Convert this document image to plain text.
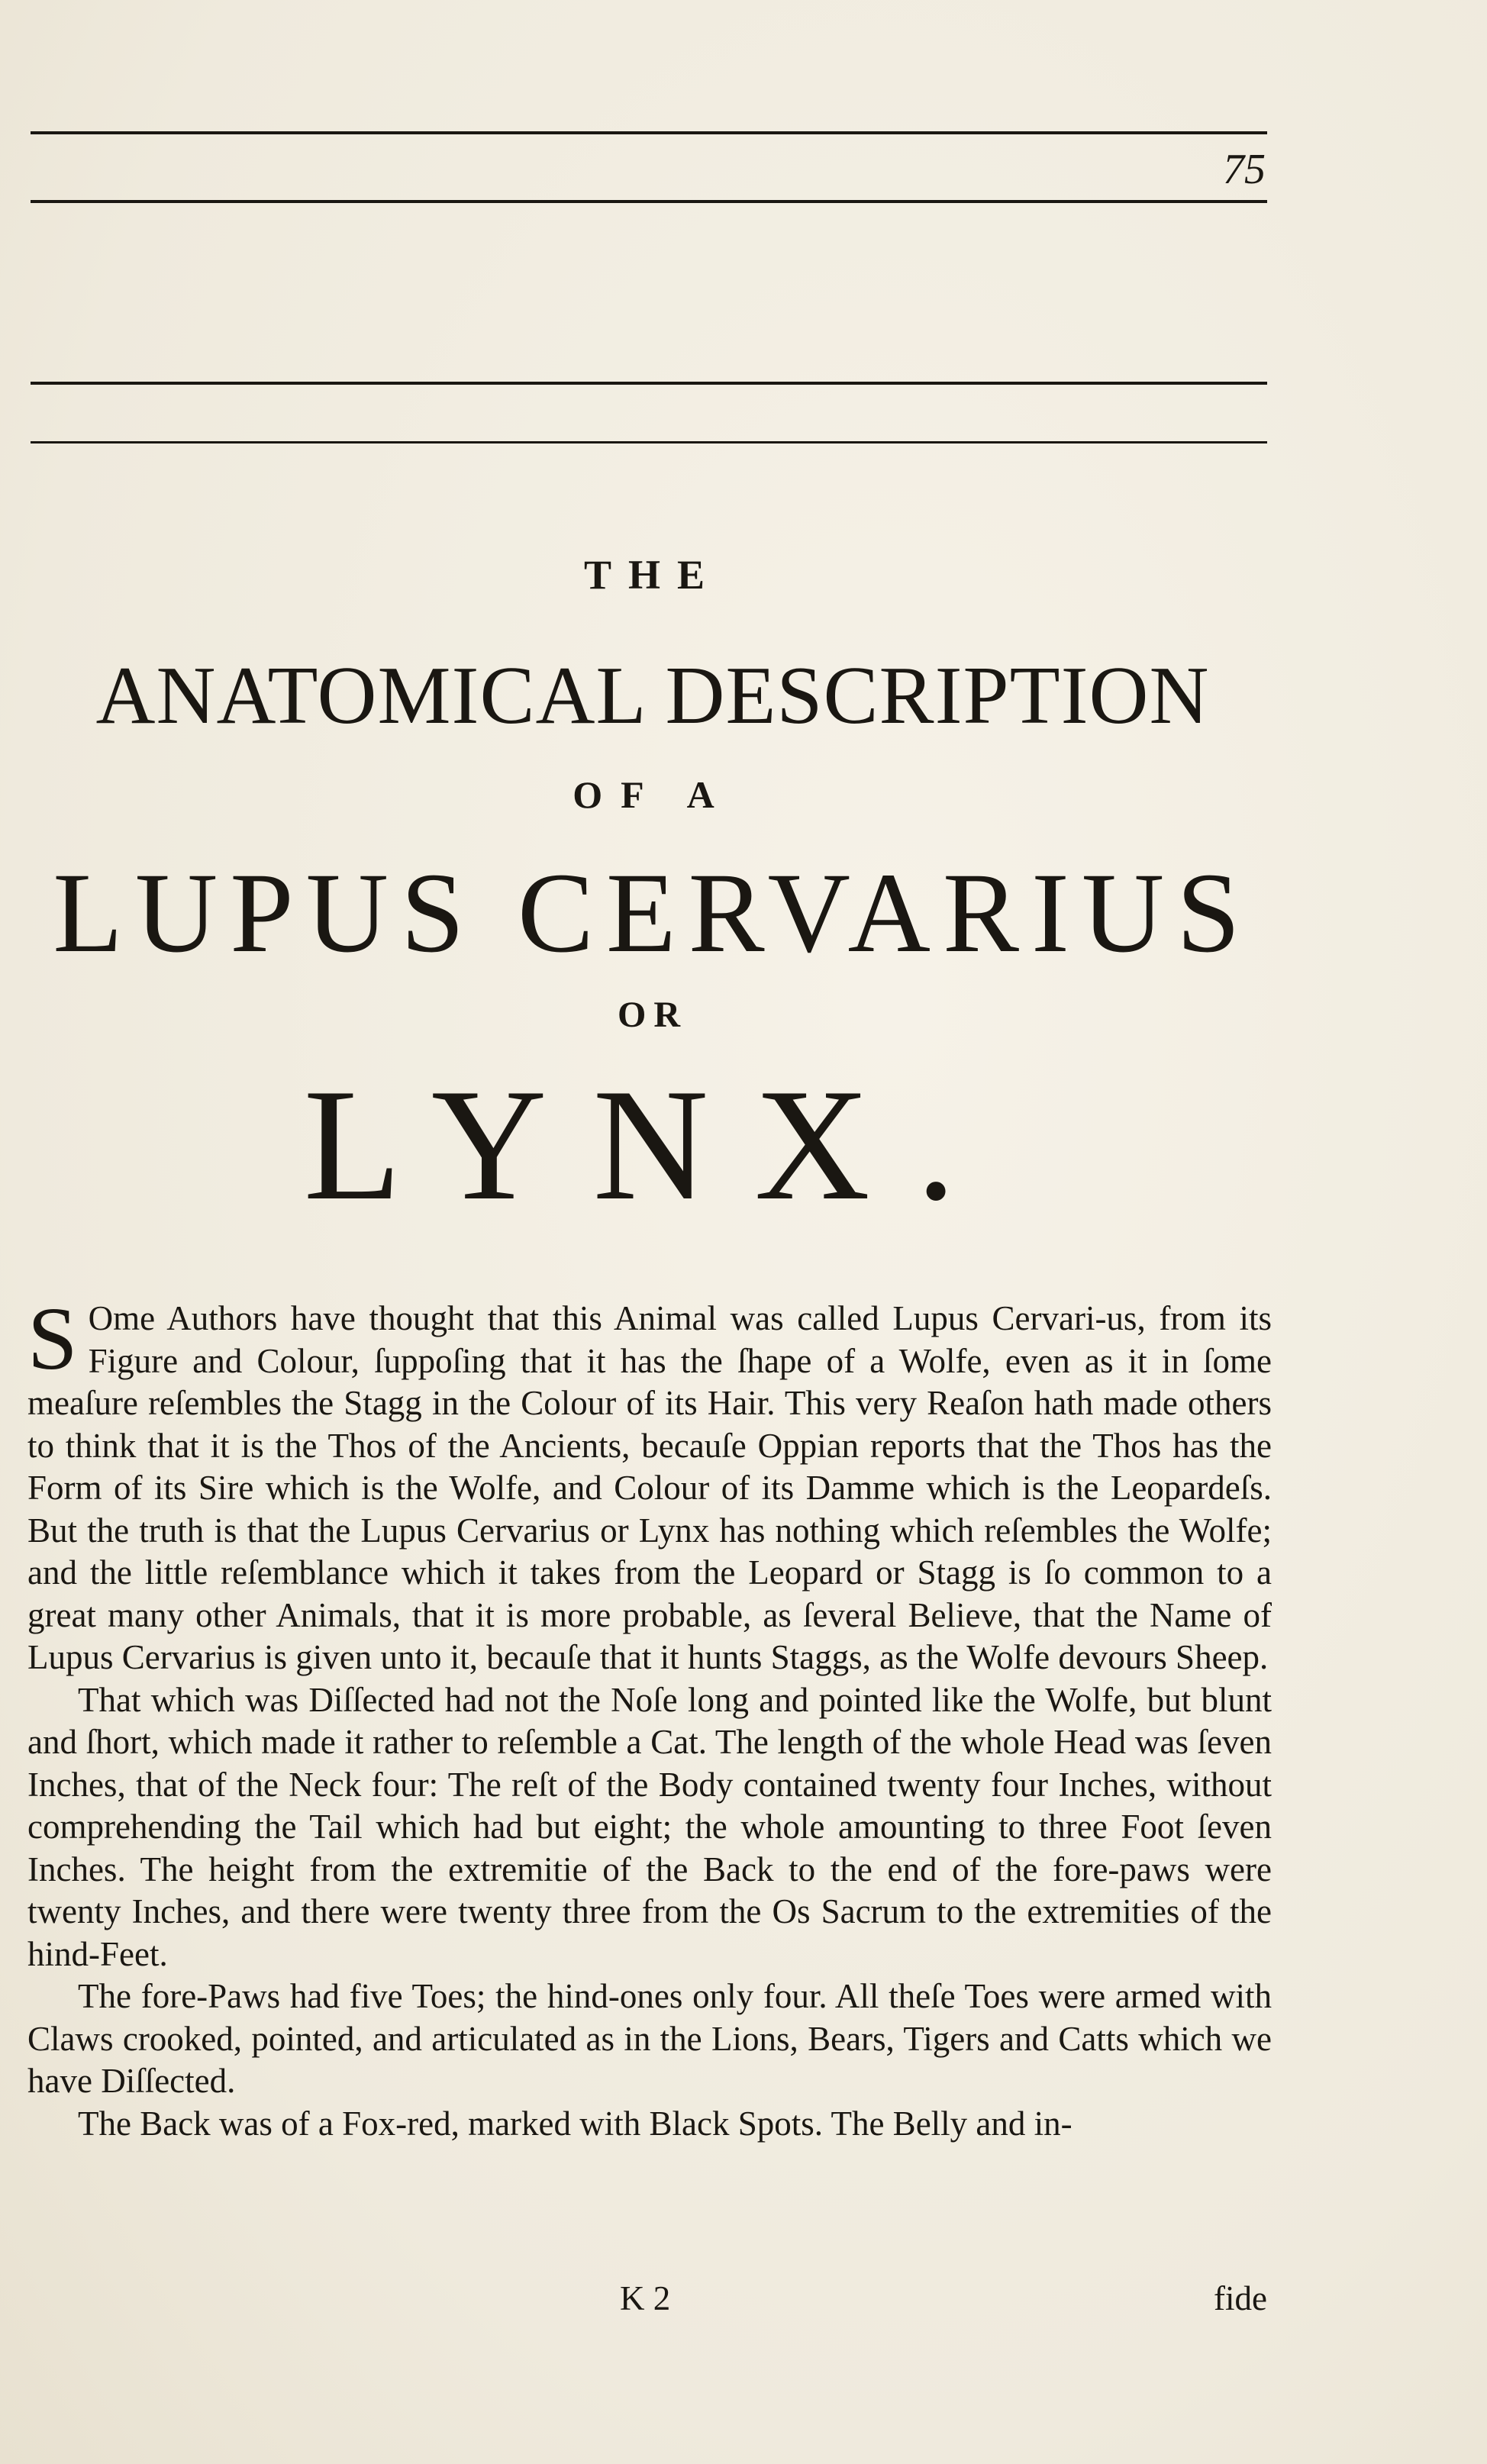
75
THE
ANATOMICAL DESCRIPTION
OF A
LUPUS CERVARIUS
OR
LYNX.

S Ome Authors have thought that this Animal was called Lupus Cervari-us, from its Figure and Colour, ſuppoſing that it has the ſhape of a Wolfe, even as it in ſome meaſure reſembles the Stagg in the Colour of its Hair. This very Reaſon hath made others to think that it is the Thos of the Ancients, becauſe Oppian reports that the Thos has the Form of its Sire which is the Wolfe, and Colour of its Damme which is the Leopardeſs. But the truth is that the Lupus Cervarius or Lynx has nothing which reſembles the Wolfe; and the little reſemblance which it takes from the Leopard or Stagg is ſo common to a great many other Animals, that it is more probable, as ſeveral Believe, that the Name of Lupus Cervarius is given unto it, becauſe that it hunts Staggs, as the Wolfe devours Sheep.

That which was Diſſected had not the Noſe long and pointed like the Wolfe, but blunt and ſhort, which made it rather to reſemble a Cat. The length of the whole Head was ſeven Inches, that of the Neck four: The reſt of the Body contained twenty four Inches, without comprehending the Tail which had but eight; the whole amounting to three Foot ſeven Inches. The height from the extremitie of the Back to the end of the fore-paws were twenty Inches, and there were twenty three from the Os Sacrum to the extremities of the hind-Feet.

The fore-Paws had five Toes; the hind-ones only four. All theſe Toes were armed with Claws crooked, pointed, and articulated as in the Lions, Bears, Tigers and Catts which we have Diſſected.

The Back was of a Fox-red, marked with Black Spots. The Belly and in-

K 2	fide
